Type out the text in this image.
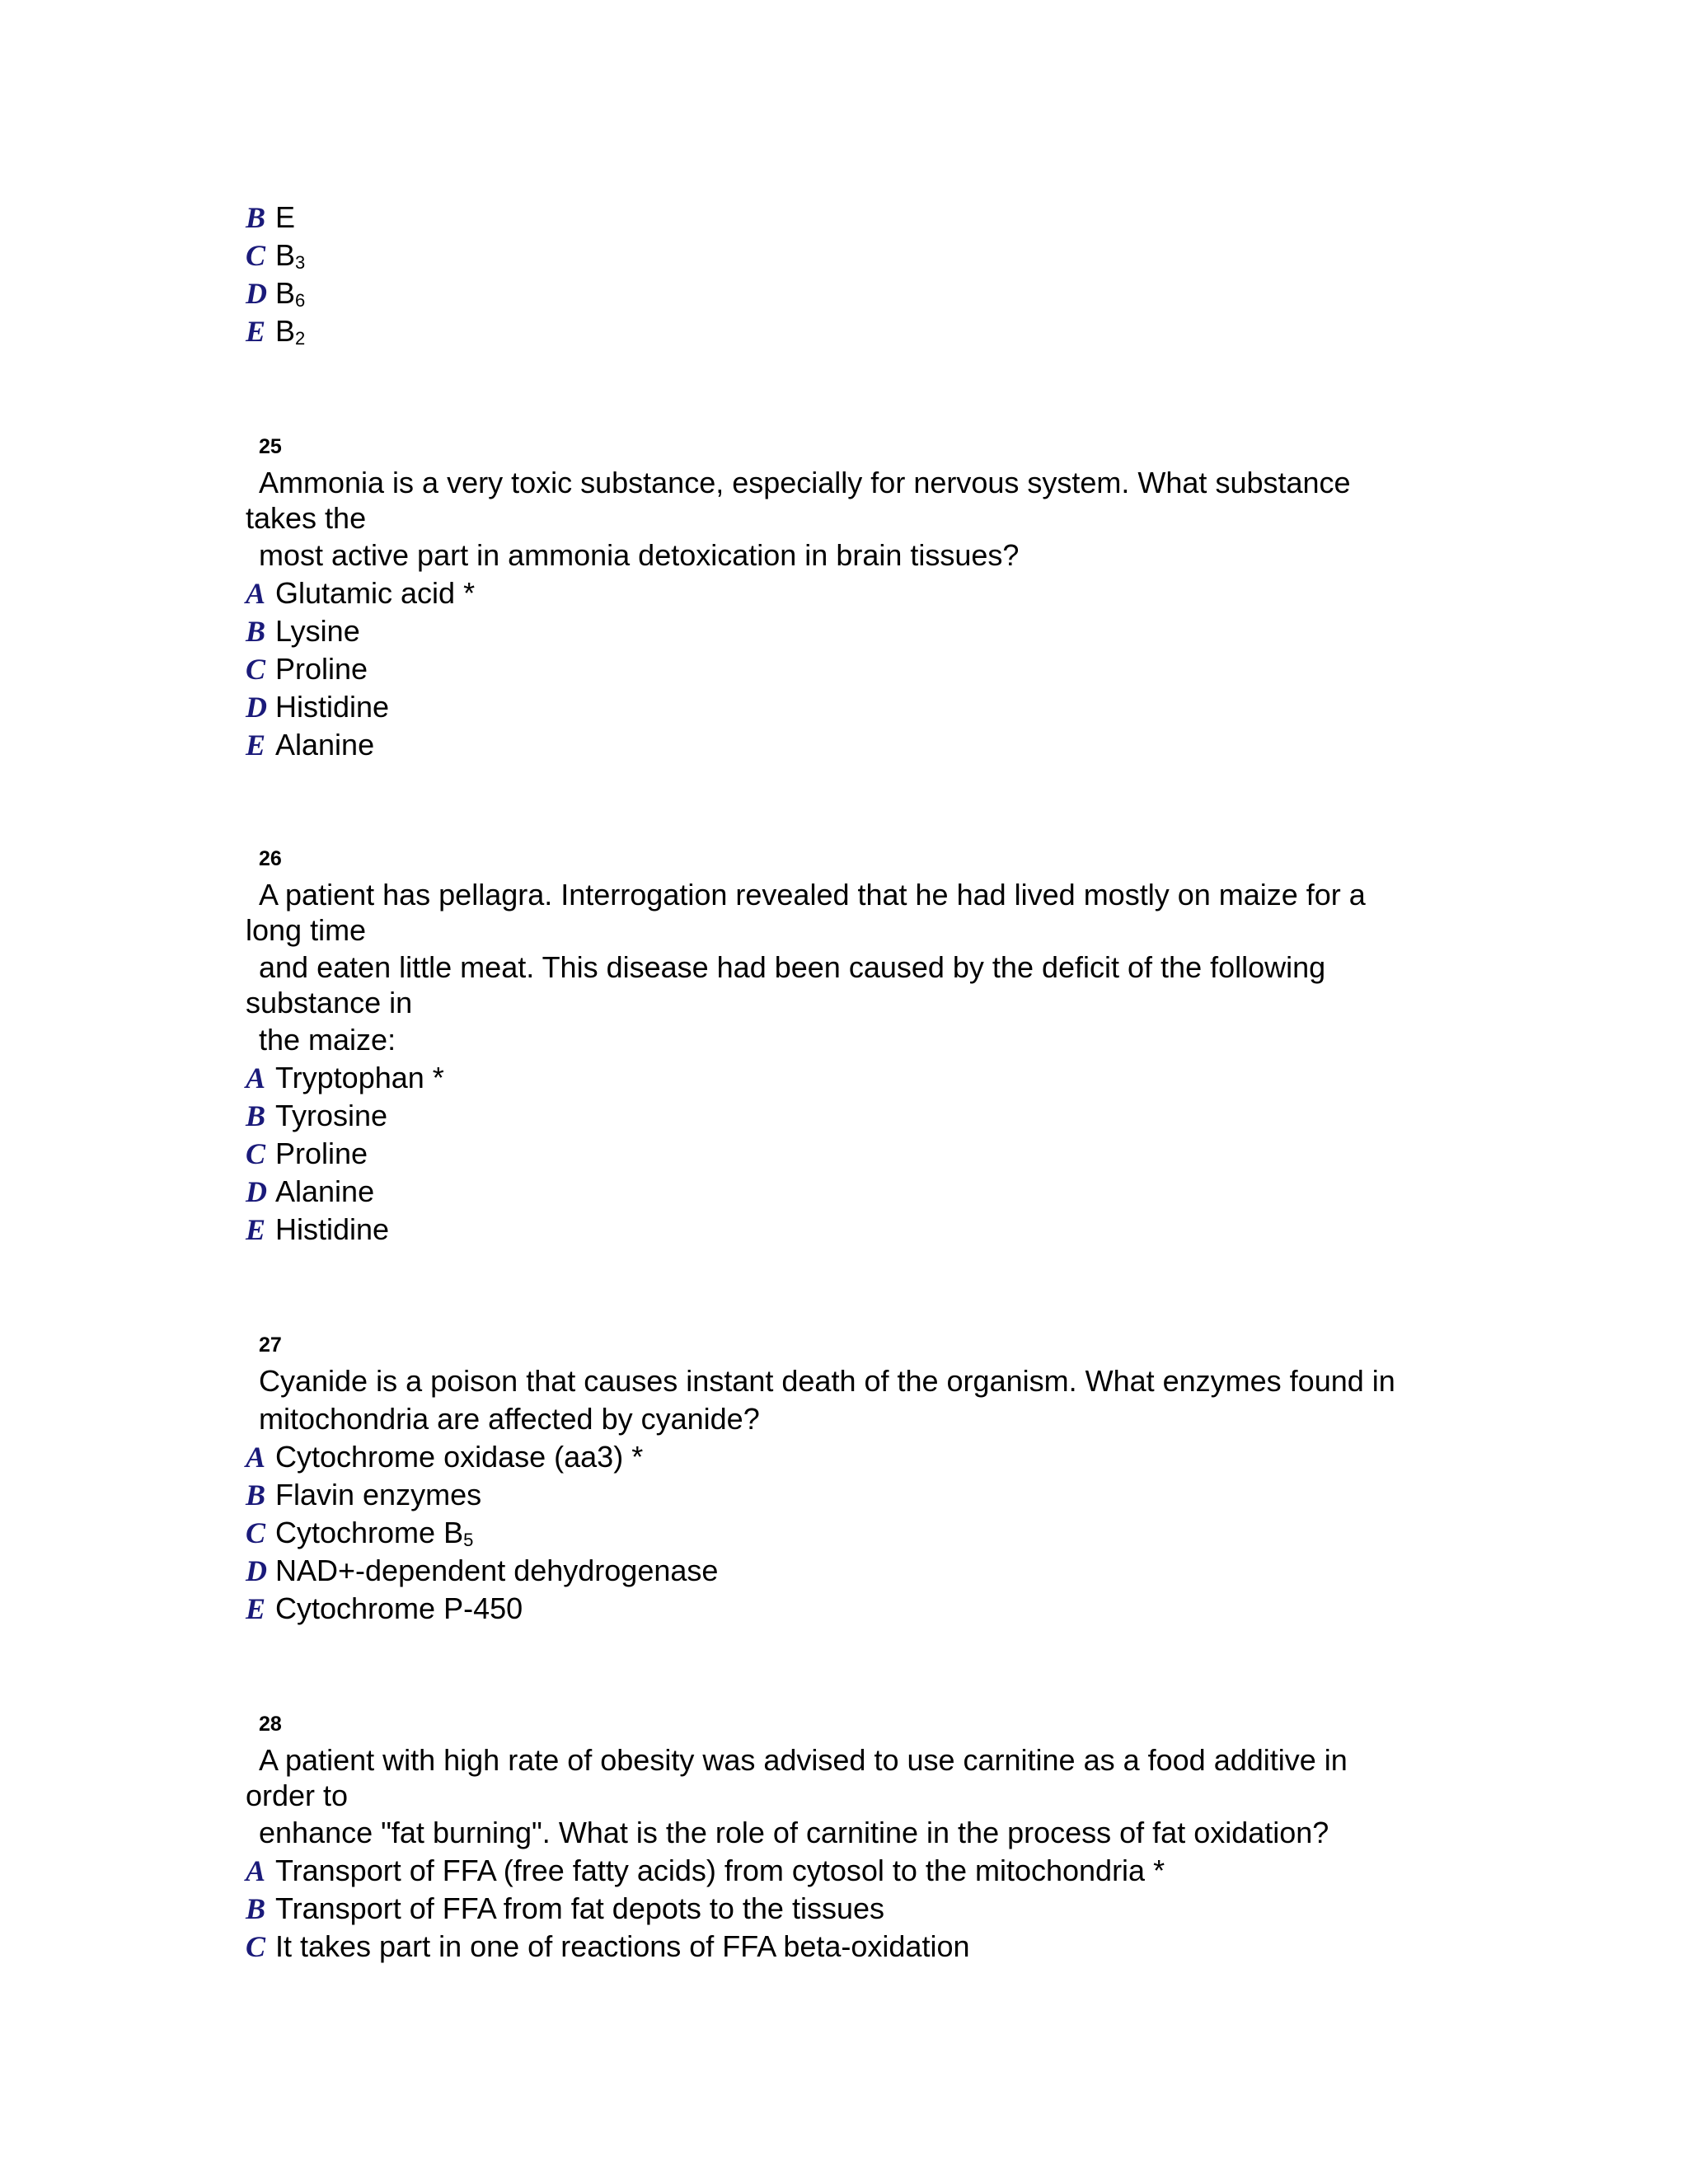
B E
C $B_3$
D $B_6$
E $B_2$
25
Ammonia is a very toxic substance, especially for nervous system. What substance
takes the
most active part in ammonia detoxication in brain tissues?
A Glutamic acid *
B Lysine
C Proline
D Histidine
E Alanine
26
A patient has pellagra. Interrogation revealed that he had lived mostly on maize for a
long time
and eaten little meat. This disease had been caused by the deficit of the following
substance in
the maize:
A Tryptophan *
B Tyrosine
C Proline
D Alanine
E Histidine
27
Cyanide is a poison that causes instant death of the organism. What enzymes found in
mitochondria are affected by cyanide?
A Cytochrome oxidase (aa3) *
B Flavin enzymes
C Cytochrome $B_5$
D NAD+-dependent dehydrogenase
E Cytochrome P-450
28
A patient with high rate of obesity was advised to use carnitine as a food additive in
order to
enhance "fat burning". What is the role of carnitine in the process of fat oxidation?
A Transport of FFA (free fatty acids) from cytosol to the mitochondria *
B Transport of FFA from fat depots to the tissues
C It takes part in one of reactions of FFA beta-oxidation
